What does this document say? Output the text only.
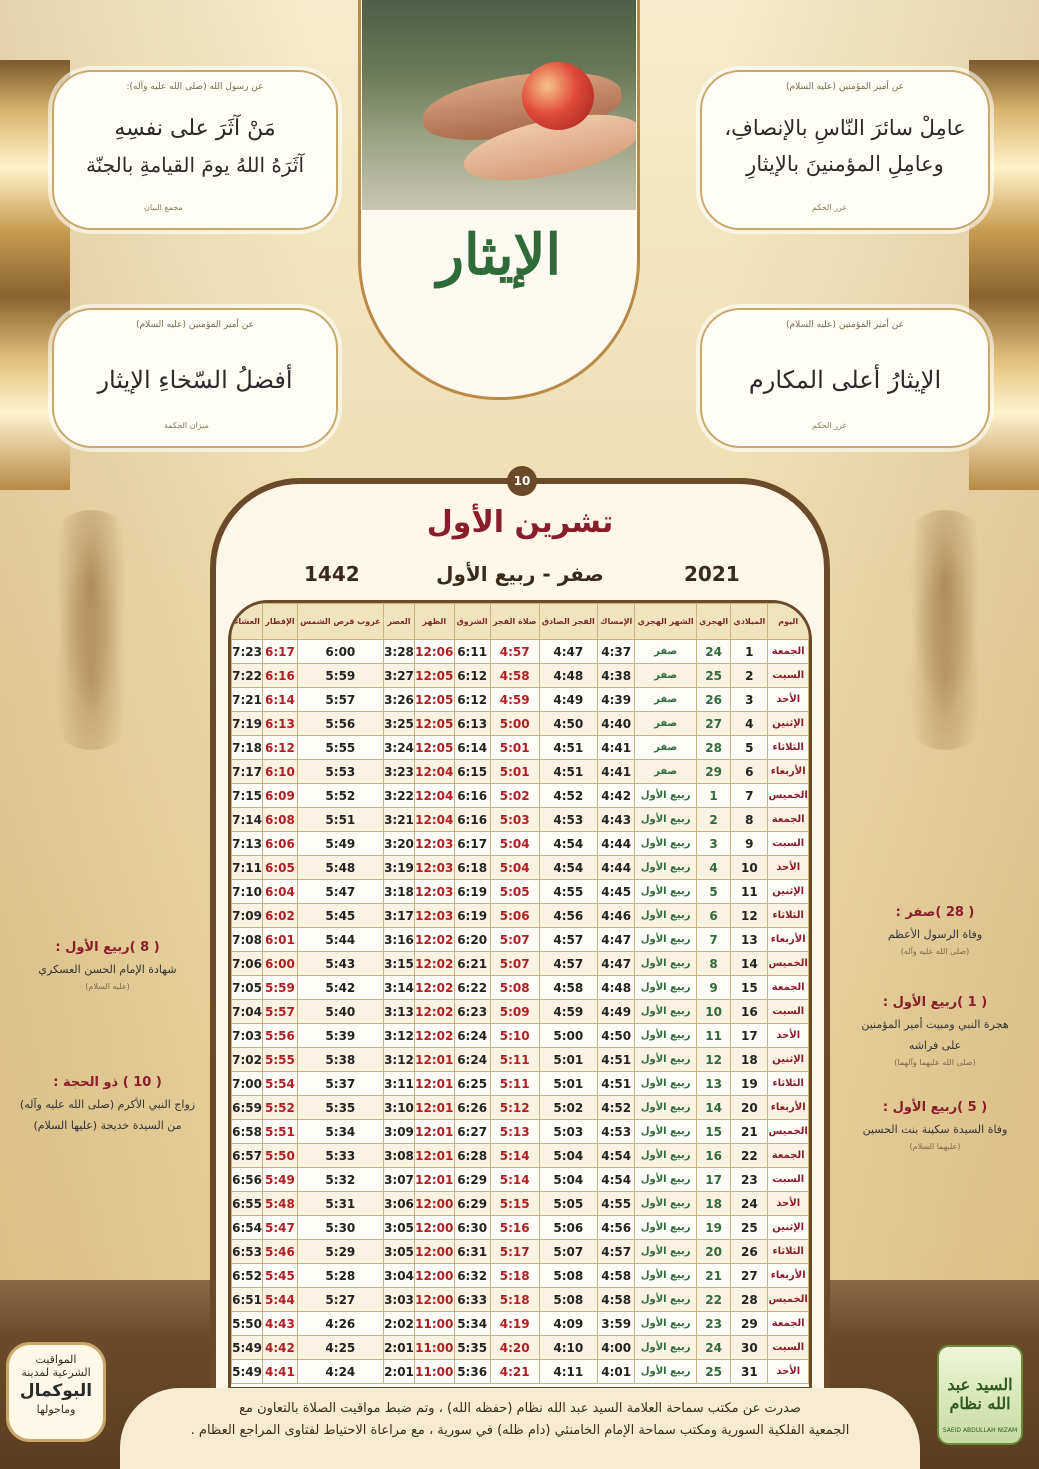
عن رسول الله (صلى الله عليه وآله):
مَنْ آثَرَ على نفسِهِ
آثَرَهُ اللهُ يومَ القيامةِ بالجنّة
مجمع البيان
عن أمير المؤمنين (عليه السلام)
عامِلْ سائرَ النّاسِ بالإنصافِ،
وعامِلِ المؤمنينَ بالإيثارِ
غرر الحكم
عن أمير المؤمنين (عليه السلام)
أفضلُ السّخاءِ الإيثار
ميزان الحكمة
عن أمير المؤمنين (عليه السلام)
الإيثارُ أعلى المكارم
غرر الحكم
الإيثار
10
تشرين الأول
1442	صفر - ربيع الأول	2021
اليوم	الميلادي	الهجري	الشهر الهجري	الإمساك	الفجر الصادق	صلاة الفجر	الشروق	الظهر	العصر	غروب قرص الشمس	الإفطار	العشاء
الجمعة	1	24	صفر	4:37	4:47	4:57	6:11	12:06	3:28	6:00	6:17	7:23
السبت	2	25	صفر	4:38	4:48	4:58	6:12	12:05	3:27	5:59	6:16	7:22
الأحد	3	26	صفر	4:39	4:49	4:59	6:12	12:05	3:26	5:57	6:14	7:21
الإثنين	4	27	صفر	4:40	4:50	5:00	6:13	12:05	3:25	5:56	6:13	7:19
الثلاثاء	5	28	صفر	4:41	4:51	5:01	6:14	12:05	3:24	5:55	6:12	7:18
الأربعاء	6	29	صفر	4:41	4:51	5:01	6:15	12:04	3:23	5:53	6:10	7:17
الخميس	7	1	ربيع الأول	4:42	4:52	5:02	6:16	12:04	3:22	5:52	6:09	7:15
الجمعة	8	2	ربيع الأول	4:43	4:53	5:03	6:16	12:04	3:21	5:51	6:08	7:14
السبت	9	3	ربيع الأول	4:44	4:54	5:04	6:17	12:03	3:20	5:49	6:06	7:13
الأحد	10	4	ربيع الأول	4:44	4:54	5:04	6:18	12:03	3:19	5:48	6:05	7:11
الإثنين	11	5	ربيع الأول	4:45	4:55	5:05	6:19	12:03	3:18	5:47	6:04	7:10
الثلاثاء	12	6	ربيع الأول	4:46	4:56	5:06	6:19	12:03	3:17	5:45	6:02	7:09
الأربعاء	13	7	ربيع الأول	4:47	4:57	5:07	6:20	12:02	3:16	5:44	6:01	7:08
الخميس	14	8	ربيع الأول	4:47	4:57	5:07	6:21	12:02	3:15	5:43	6:00	7:06
الجمعة	15	9	ربيع الأول	4:48	4:58	5:08	6:22	12:02	3:14	5:42	5:59	7:05
السبت	16	10	ربيع الأول	4:49	4:59	5:09	6:23	12:02	3:13	5:40	5:57	7:04
الأحد	17	11	ربيع الأول	4:50	5:00	5:10	6:24	12:02	3:12	5:39	5:56	7:03
الإثنين	18	12	ربيع الأول	4:51	5:01	5:11	6:24	12:01	3:12	5:38	5:55	7:02
الثلاثاء	19	13	ربيع الأول	4:51	5:01	5:11	6:25	12:01	3:11	5:37	5:54	7:00
الأربعاء	20	14	ربيع الأول	4:52	5:02	5:12	6:26	12:01	3:10	5:35	5:52	6:59
الخميس	21	15	ربيع الأول	4:53	5:03	5:13	6:27	12:01	3:09	5:34	5:51	6:58
الجمعة	22	16	ربيع الأول	4:54	5:04	5:14	6:28	12:01	3:08	5:33	5:50	6:57
السبت	23	17	ربيع الأول	4:54	5:04	5:14	6:29	12:01	3:07	5:32	5:49	6:56
الأحد	24	18	ربيع الأول	4:55	5:05	5:15	6:29	12:00	3:06	5:31	5:48	6:55
الإثنين	25	19	ربيع الأول	4:56	5:06	5:16	6:30	12:00	3:05	5:30	5:47	6:54
الثلاثاء	26	20	ربيع الأول	4:57	5:07	5:17	6:31	12:00	3:05	5:29	5:46	6:53
الأربعاء	27	21	ربيع الأول	4:58	5:08	5:18	6:32	12:00	3:04	5:28	5:45	6:52
الخميس	28	22	ربيع الأول	4:58	5:08	5:18	6:33	12:00	3:03	5:27	5:44	6:51
الجمعة	29	23	ربيع الأول	3:59	4:09	4:19	5:34	11:00	2:02	4:26	4:43	5:50
السبت	30	24	ربيع الأول	4:00	4:10	4:20	5:35	11:00	2:01	4:25	4:42	5:49
الأحد	31	25	ربيع الأول	4:01	4:11	4:21	5:36	11:00	2:01	4:24	4:41	5:49
( 28 )صفر :
وفاة الرسول الأعظم
(صلى الله عليه وآله)
( 1 )ربيع الأول :
هجرة النبي ومبيت أمير المؤمنين
على فراشه
(صلى الله عليهما وآلهما)
( 5 )ربيع الأول :
وفاة السيدة سكينة بنت الحسين
(عليهما السلام)
( 8 )ربيع الأول :
شهادة الإمام الحسن العسكري
(عليه السلام)
( 10 ) ذو الحجة :
زواج النبي الأكرم (صلى الله عليه وآله)
من السيدة خديجة (عليها السلام)
صدرت عن مكتب سماحة العلامة السيد عبد الله نظام (حفظه الله) ، وتم ضبط مواقيت الصلاة بالتعاون مع
الجمعية الفلكية السورية ومكتب سماحة الإمام الخامنئي (دام ظله) في سورية ، مع مراعاة الاحتياط لفتاوى المراجع العظام .
المواقيت
الشرعية لمدينة
البوكمال
وماحولها
السيد عبد الله نظام
SAEID ABDULLAH NIZAM
